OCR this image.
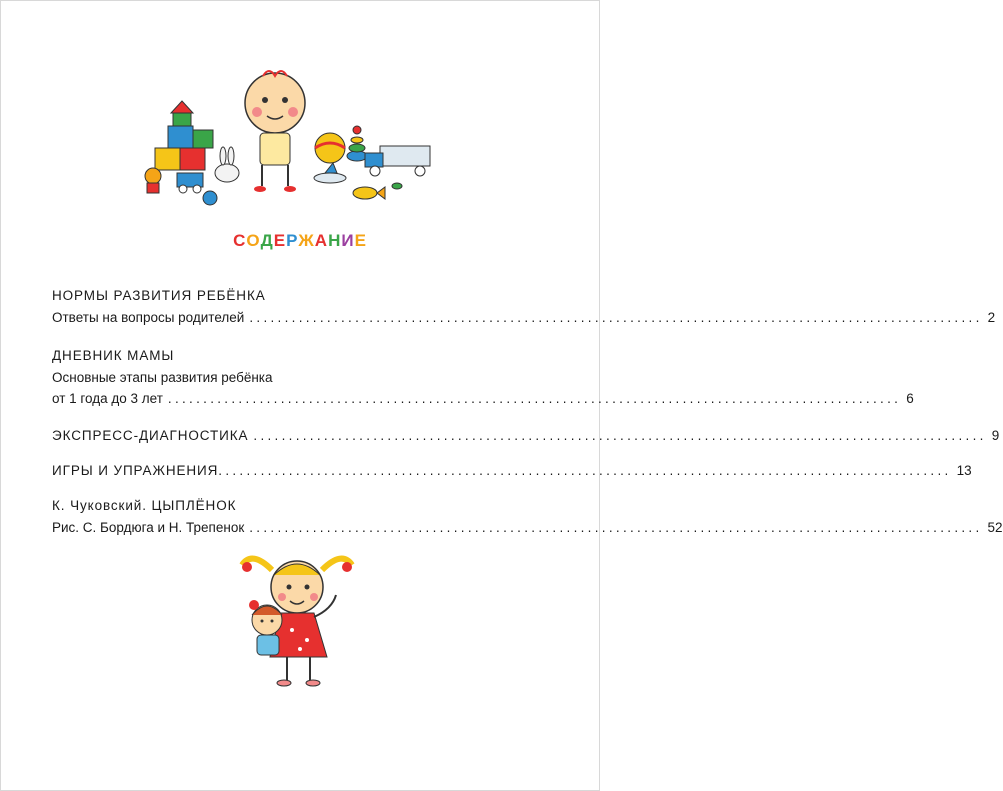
СОДЕРЖАНИЕ
НОРМЫ РАЗВИТИЯ РЕБЁНКА
Ответы на вопросы родителей ........................................................................................................ 2
ДНЕВНИК МАМЫ
Основные этапы развития ребёнка
от 1 года до 3 лет ........................................................................................................ 6
ЭКСПРЕСС-ДИАГНОСТИКА ........................................................................................................ 9
ИГРЫ И УПРАЖНЕНИЯ ........................................................................................................ 13
К. Чуковский. ЦЫПЛЁНОК
Рис. С. Бордюга и Н. Трепенок ........................................................................................................ 52
